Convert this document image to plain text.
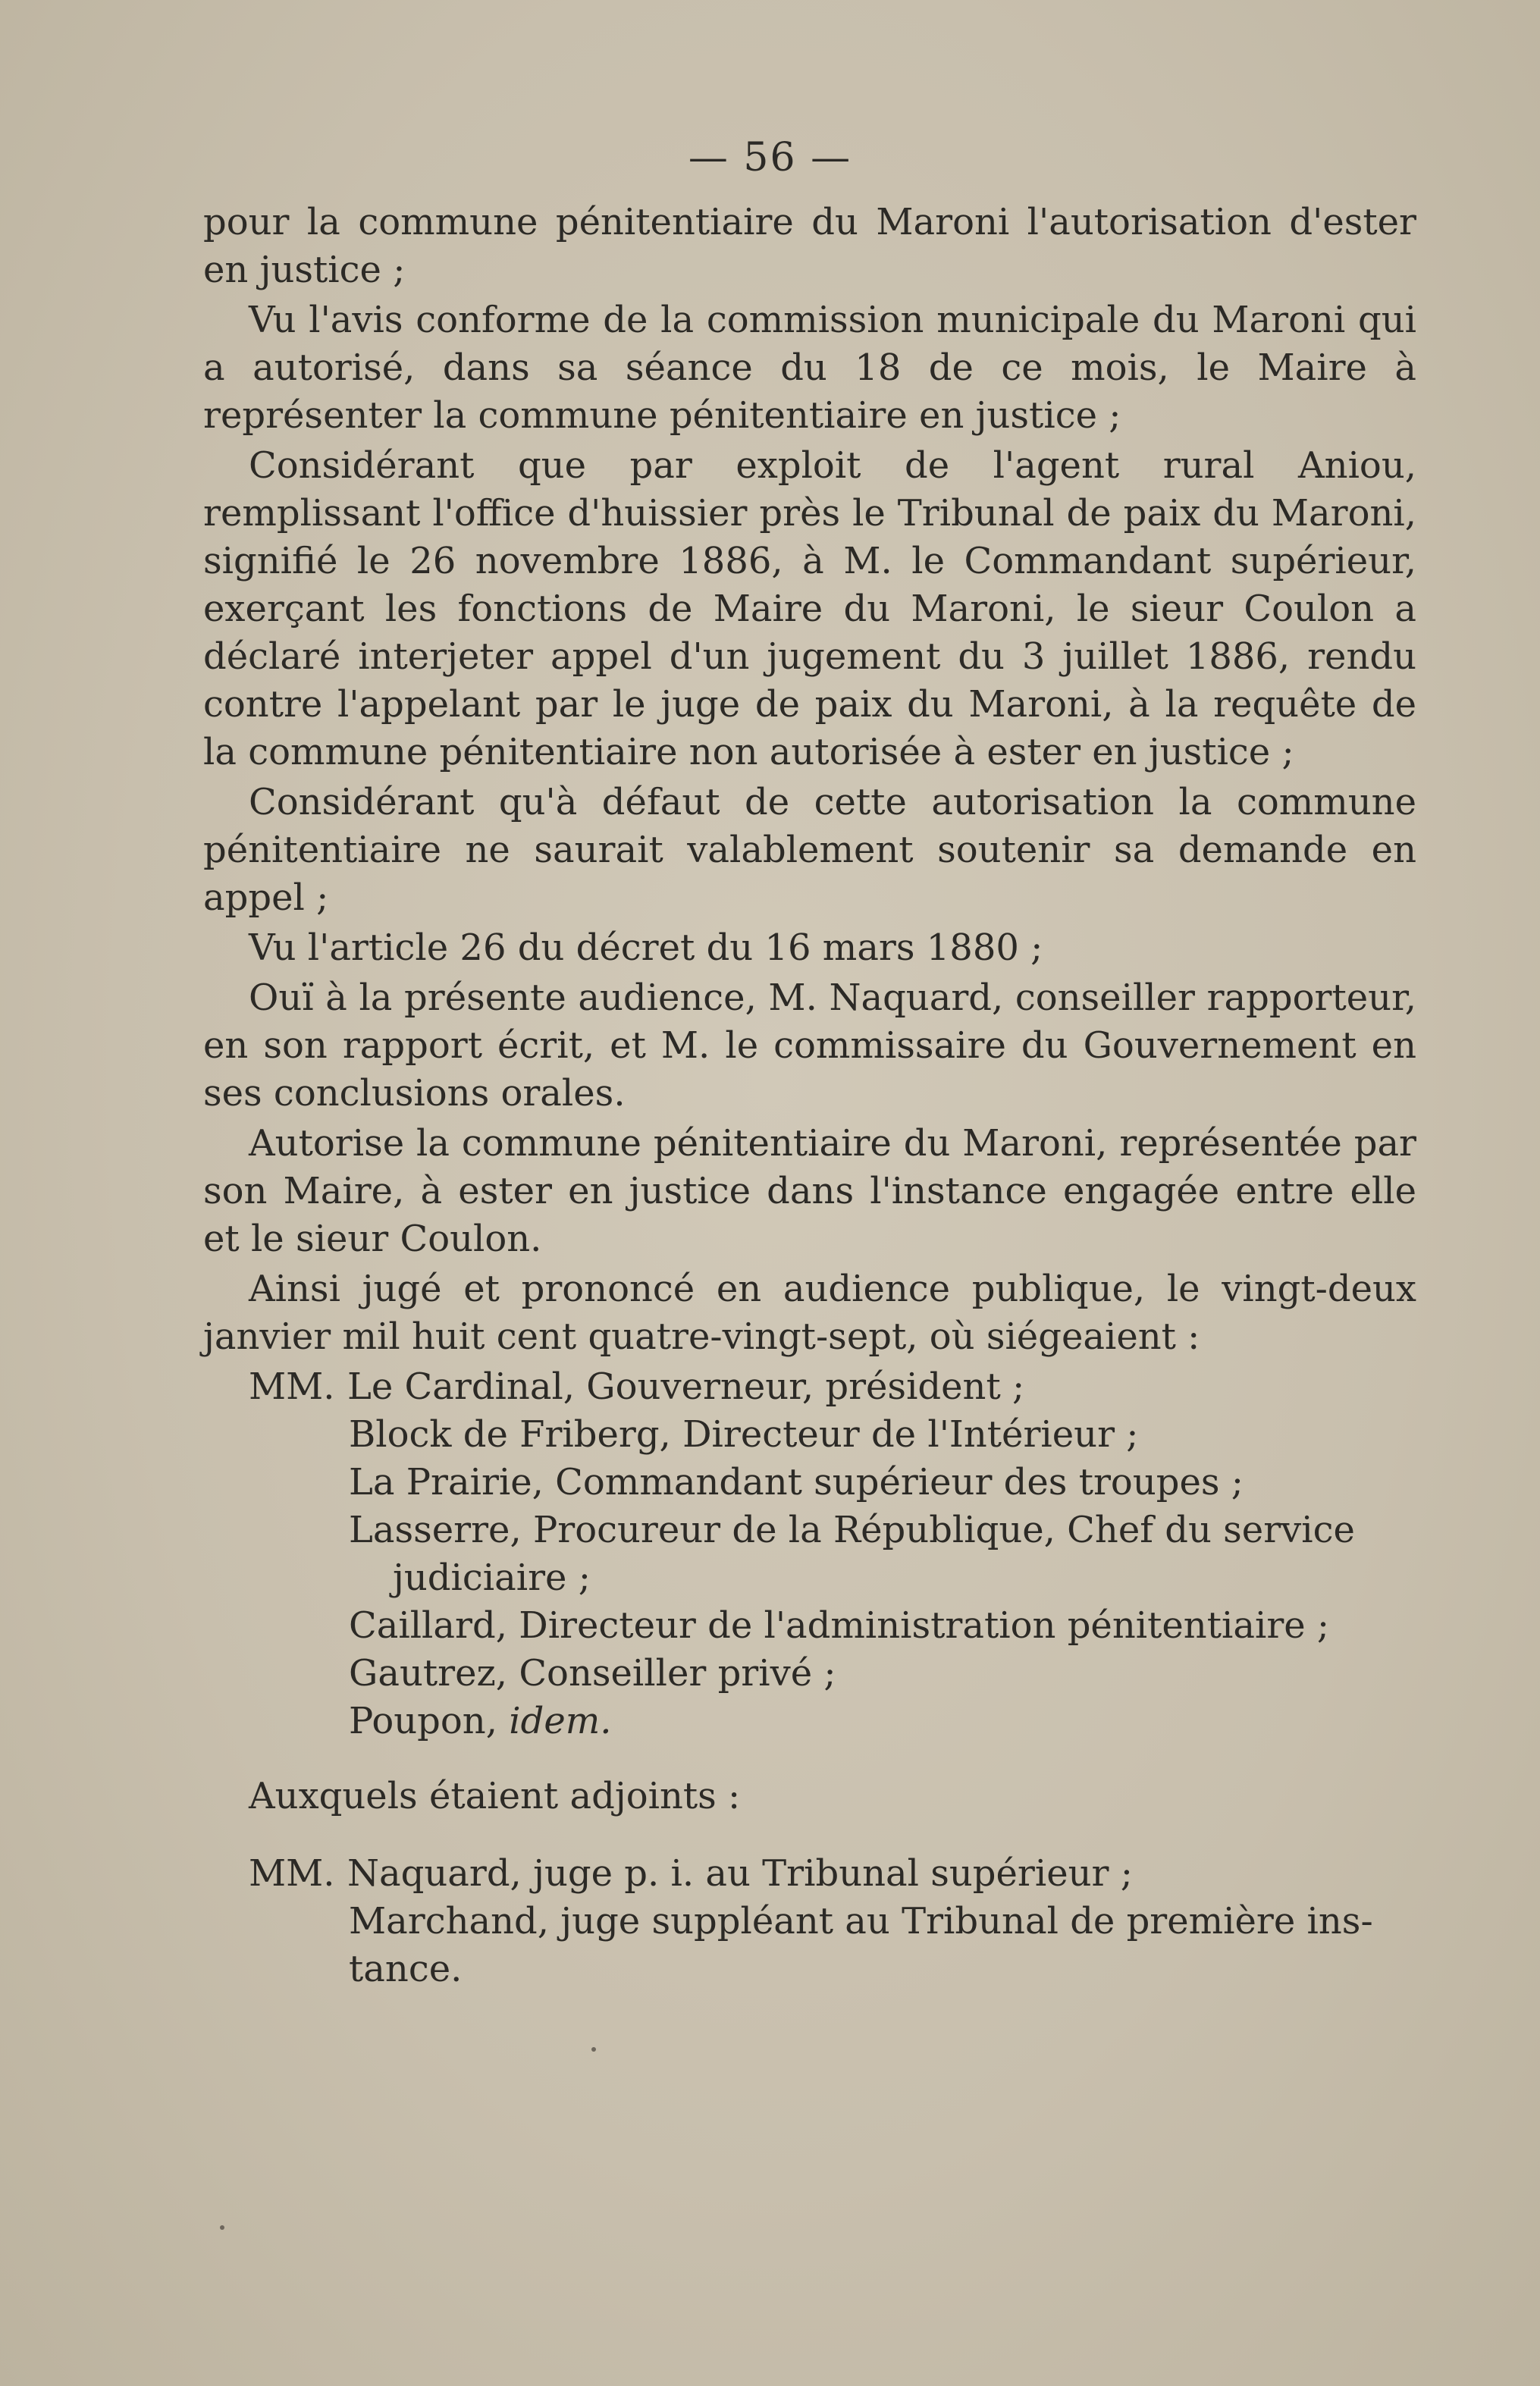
— 56 —

pour la commune pénitentiaire du Maroni l'autorisation d'ester en justice ;

Vu l'avis conforme de la commission municipale du Maroni qui a autorisé, dans sa séance du 18 de ce mois, le Maire à représenter la commune pénitentiaire en justice ;

Considérant que par exploit de l'agent rural Aniou, remplissant l'office d'huissier près le Tribunal de paix du Maroni, signifié le 26 novembre 1886, à M. le Commandant supérieur, exerçant les fonctions de Maire du Maroni, le sieur Coulon a déclaré interjeter appel d'un jugement du 3 juillet 1886, rendu contre l'appelant par le juge de paix du Maroni, à la requête de la commune pénitentiaire non autorisée à ester en justice ;

Considérant qu'à défaut de cette autorisation la commune pénitentiaire ne saurait valablement soutenir sa demande en appel ;

Vu l'article 26 du décret du 16 mars 1880 ;

Ouï à la présente audience, M. Naquard, conseiller rapporteur, en son rapport écrit, et M. le commissaire du Gouvernement en ses conclusions orales.

Autorise la commune pénitentiaire du Maroni, représentée par son Maire, à ester en justice dans l'instance engagée entre elle et le sieur Coulon.

Ainsi jugé et prononcé en audience publique, le vingt-deux janvier mil huit cent quatre-vingt-sept, où siégeaient :

MM. Le Cardinal, Gouverneur, président ;

Block de Friberg, Directeur de l'Intérieur ;

La Prairie, Commandant supérieur des troupes ;

Lasserre, Procureur de la République, Chef du service

judiciaire ;

Caillard, Directeur de l'administration pénitentiaire ;

Gautrez, Conseiller privé ;

Poupon, idem.

Auxquels étaient adjoints :

MM. Naquard, juge p. i. au Tribunal supérieur ;

Marchand, juge suppléant au Tribunal de première ins-

tance.
